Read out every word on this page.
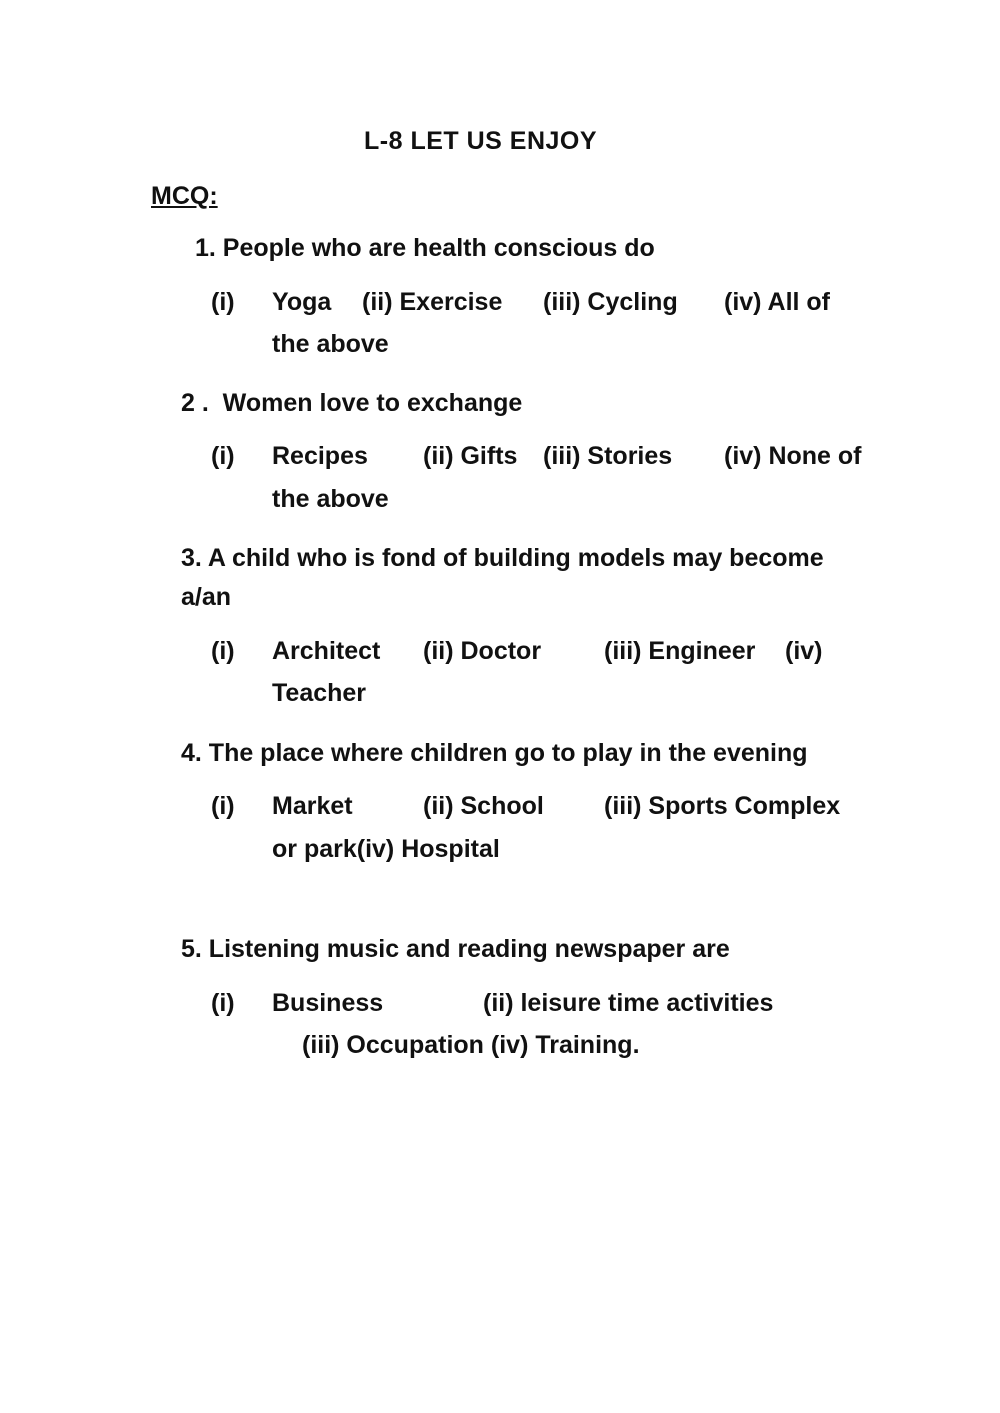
L-8 LET US ENJOY
MCQ:
1. People who are health conscious do
(i) Yoga (ii) Exercise (iii) Cycling (iv) All of
the above
2 .  Women love to exchange
(i) Recipes (ii) Gifts (iii) Stories (iv) None of
the above
3. A child who is fond of building models may become
a/an
(i) Architect (ii) Doctor	(iii) Engineer (iv)
Teacher
4. The place where children go to play in the evening
(i) Market	(ii) School (iii) Sports Complex
or park(iv) Hospital
5. Listening music and reading newspaper are
(i) Business	(ii) leisure time activities
(iii) Occupation (iv) Training.
